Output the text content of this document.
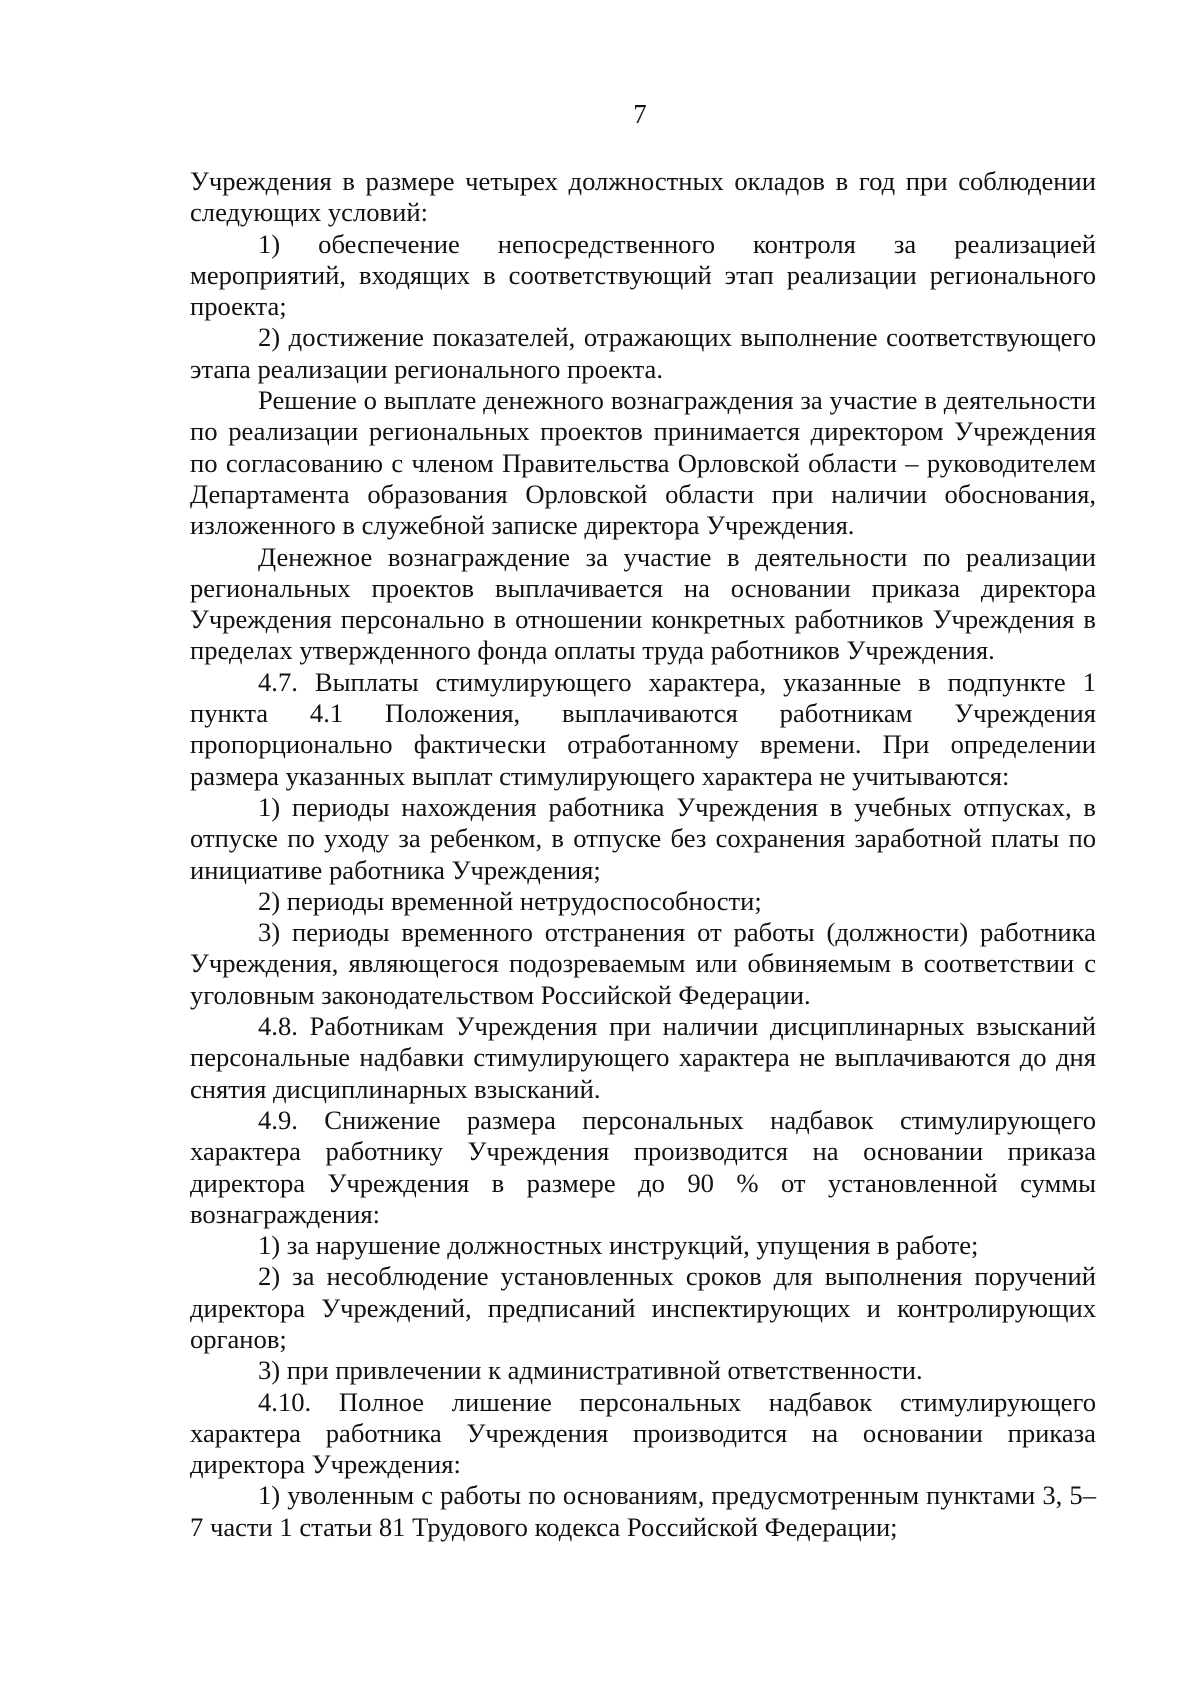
7

Учреждения в размере четырех должностных окладов в год при соблюдении следующих условий:

1) обеспечение непосредственного контроля за реализацией мероприятий, входящих в соответствующий этап реализации регионального проекта;

2) достижение показателей, отражающих выполнение соответствующего этапа реализации регионального проекта.

Решение о выплате денежного вознаграждения за участие в деятельности по реализации региональных проектов принимается директором Учреждения по согласованию с членом Правительства Орловской области – руководителем Департамента образования Орловской области при наличии обоснования, изложенного в служебной записке директора Учреждения.

Денежное вознаграждение за участие в деятельности по реализации региональных проектов выплачивается на основании приказа директора Учреждения персонально в отношении конкретных работников Учреждения в пределах утвержденного фонда оплаты труда работников Учреждения.

4.7. Выплаты стимулирующего характера, указанные в подпункте 1 пункта 4.1 Положения, выплачиваются работникам Учреждения пропорционально фактически отработанному времени. При определении размера указанных выплат стимулирующего характера не учитываются:

1) периоды нахождения работника Учреждения в учебных отпусках, в отпуске по уходу за ребенком, в отпуске без сохранения заработной платы по инициативе работника Учреждения;

2) периоды временной нетрудоспособности;

3) периоды временного отстранения от работы (должности) работника Учреждения, являющегося подозреваемым или обвиняемым в соответствии с уголовным законодательством Российской Федерации.

4.8. Работникам Учреждения при наличии дисциплинарных взысканий персональные надбавки стимулирующего характера не выплачиваются до дня снятия дисциплинарных взысканий.

4.9. Снижение размера персональных надбавок стимулирующего характера работнику Учреждения производится на основании приказа директора Учреждения в размере до 90 % от установленной суммы вознаграждения:

1) за нарушение должностных инструкций, упущения в работе;

2) за несоблюдение установленных сроков для выполнения поручений директора Учреждений, предписаний инспектирующих и контролирующих органов;

3) при привлечении к административной ответственности.

4.10. Полное лишение персональных надбавок стимулирующего характера работника Учреждения производится на основании приказа директора Учреждения:

1) уволенным с работы по основаниям, предусмотренным пунктами 3, 5–7 части 1 статьи 81 Трудового кодекса Российской Федерации;
